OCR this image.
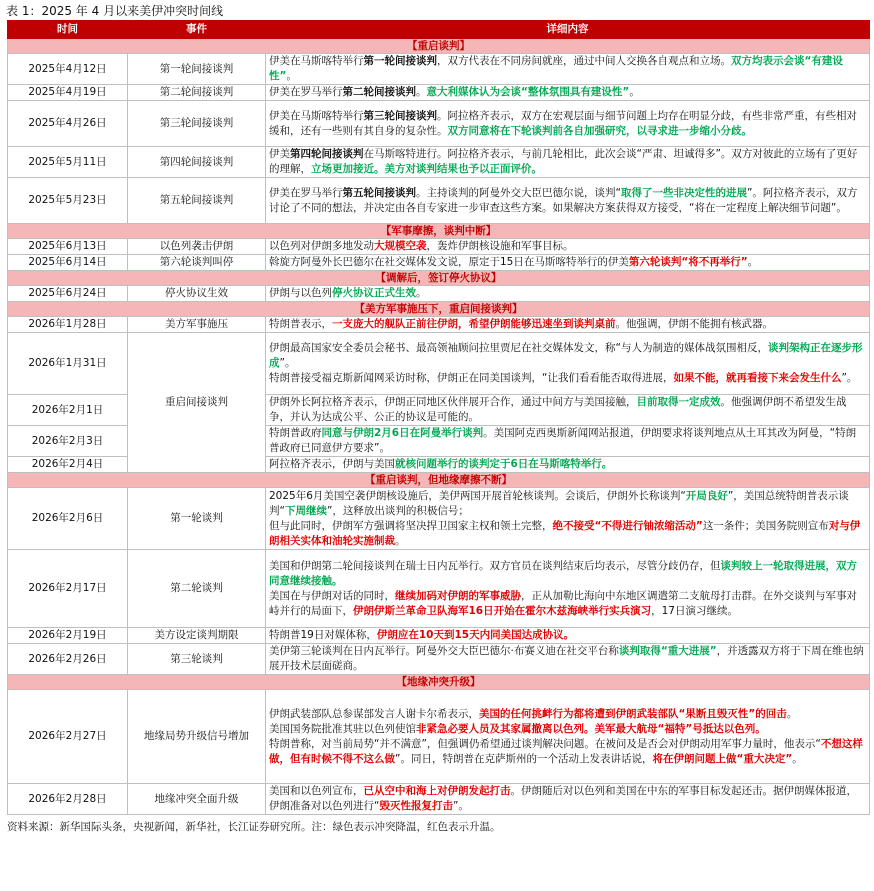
表 1：2025 年 4 月以来美伊冲突时间线
时间	事件	详细内容
【重启谈判】		
2025年4月12日	第一轮间接谈判	伊美在马斯喀特举行第一轮间接谈判，双方代表在不同房间就座，通过中间人交换各自观点和立场。双方均表示会谈“有建设性”。
2025年4月19日	第二轮间接谈判	伊美在罗马举行第二轮间接谈判。意大利媒体认为会谈“整体氛围具有建设性”。
2025年4月26日	第三轮间接谈判	伊美在马斯喀特举行第三轮间接谈判。阿拉格齐表示，双方在宏观层面与细节问题上均存在明显分歧，有些非常严重，有些相对缓和，还有一些则有其自身的复杂性。双方同意将在下轮谈判前各自加强研究，以寻求进一步缩小分歧。
2025年5月11日	第四轮间接谈判	伊美第四轮间接谈判在马斯喀特进行。阿拉格齐表示，与前几轮相比，此次会谈“严肃、坦诚得多”。双方对彼此的立场有了更好的理解，立场更加接近。美方对谈判结果也予以正面评价。
2025年5月23日	第五轮间接谈判	伊美在罗马举行第五轮间接谈判。主持谈判的阿曼外交大臣巴德尔说，谈判“取得了一些非决定性的进展”。阿拉格齐表示，双方讨论了不同的想法，并决定由各自专家进一步审查这些方案。如果解决方案获得双方接受，“将在一定程度上解决细节问题”。
【军事摩擦，谈判中断】		
2025年6月13日	以色列袭击伊朗	以色列对伊朗多地发动大规模空袭，轰炸伊朗核设施和军事目标。
2025年6月14日	第六轮谈判叫停	斡旋方阿曼外长巴德尔在社交媒体发文说，原定于15日在马斯喀特举行的伊美第六轮谈判“将不再举行”。
【调解后，签订停火协议】		
2025年6月24日	停火协议生效	伊朗与以色列停火协议正式生效。
【美方军事施压下，重启间接谈判】		
2026年1月28日	美方军事施压	特朗普表示，一支庞大的舰队正前往伊朗，希望伊朗能够迅速坐到谈判桌前。他强调，伊朗不能拥有核武器。
2026年1月31日	重启间接谈判	伊朗最高国家安全委员会秘书、最高领袖顾问拉里贾尼在社交媒体发文，称“与人为制造的媒体战氛围相反，谈判架构正在逐步形成”。
特朗普接受福克斯新闻网采访时称，伊朗正在同美国谈判，“让我们看看能否取得进展，如果不能，就再看接下来会发生什么”。
2026年2月1日		伊朗外长阿拉格齐表示，伊朗正同地区伙伴展开合作，通过中间方与美国接触，目前取得一定成效。他强调伊朗不希望发生战争，并认为达成公平、公正的协议是可能的。
2026年2月3日		特朗普政府同意与伊朗2月6日在阿曼举行谈判。美国阿克西奥斯新闻网站报道，伊朗要求将谈判地点从土耳其改为阿曼，“特朗普政府已同意伊方要求”。
2026年2月4日		阿拉格齐表示，伊朗与美国就核问题举行的谈判定于6日在马斯喀特举行。
【重启谈判，但地缘摩擦不断】		
2026年2月6日	第一轮谈判	2025年6月美国空袭伊朗核设施后，美伊两国开展首轮核谈判。会谈后，伊朗外长称谈判“开局良好”，美国总统特朗普表示谈判“下周继续”，这释放出谈判的积极信号；
但与此同时，伊朗军方强调将坚决捍卫国家主权和领土完整，绝不接受“不得进行铀浓缩活动”这一条件；美国务院则宣布对与伊朗相关实体和油轮实施制裁。
2026年2月17日	第二轮谈判	美国和伊朗第二轮间接谈判在瑞士日内瓦举行。双方官员在谈判结束后均表示，尽管分歧仍存，但谈判较上一轮取得进展，双方同意继续接触。
美国在与伊朗对话的同时，继续加码对伊朗的军事威胁，正从加勒比海向中东地区调遣第二支航母打击群。在外交谈判与军事对峙并行的局面下，伊朗伊斯兰革命卫队海军16日开始在霍尔木兹海峡举行实兵演习，17日演习继续。
2026年2月19日	美方设定谈判期限	特朗普19日对媒体称，伊朗应在10天到15天内同美国达成协议。
2026年2月26日	第三轮谈判	美伊第三轮谈判在日内瓦举行。阿曼外交大臣巴德尔·布赛义迪在社交平台称谈判取得“重大进展”，并透露双方将于下周在维也纳展开技术层面磋商。
【地缘冲突升级】		
2026年2月27日	地缘局势升级信号增加	伊朗武装部队总参谋部发言人谢卡尔希表示，美国的任何挑衅行为都将遭到伊朗武装部队“果断且毁灭性”的回击。
美国国务院批准其驻以色列使馆非紧急必要人员及其家属撤离以色列。美军最大航母“福特”号抵达以色列。
特朗普称，对当前局势“并不满意”，但强调仍希望通过谈判解决问题。在被问及是否会对伊朗动用军事力量时，他表示“不想这样做，但有时候不得不这么做”。同日，特朗普在克萨斯州的一个活动上发表讲话说，将在伊朗问题上做“重大决定”。
2026年2月28日	地缘冲突全面升级	美国和以色列宣布，已从空中和海上对伊朗发起打击。伊朗随后对以色列和美国在中东的军事目标发起还击。据伊朗媒体报道，伊朗准备对以色列进行“毁灭性报复打击”。
资料来源：新华国际头条，央视新闻，新华社，长江证券研究所。注：绿色表示冲突降温，红色表示升温。
